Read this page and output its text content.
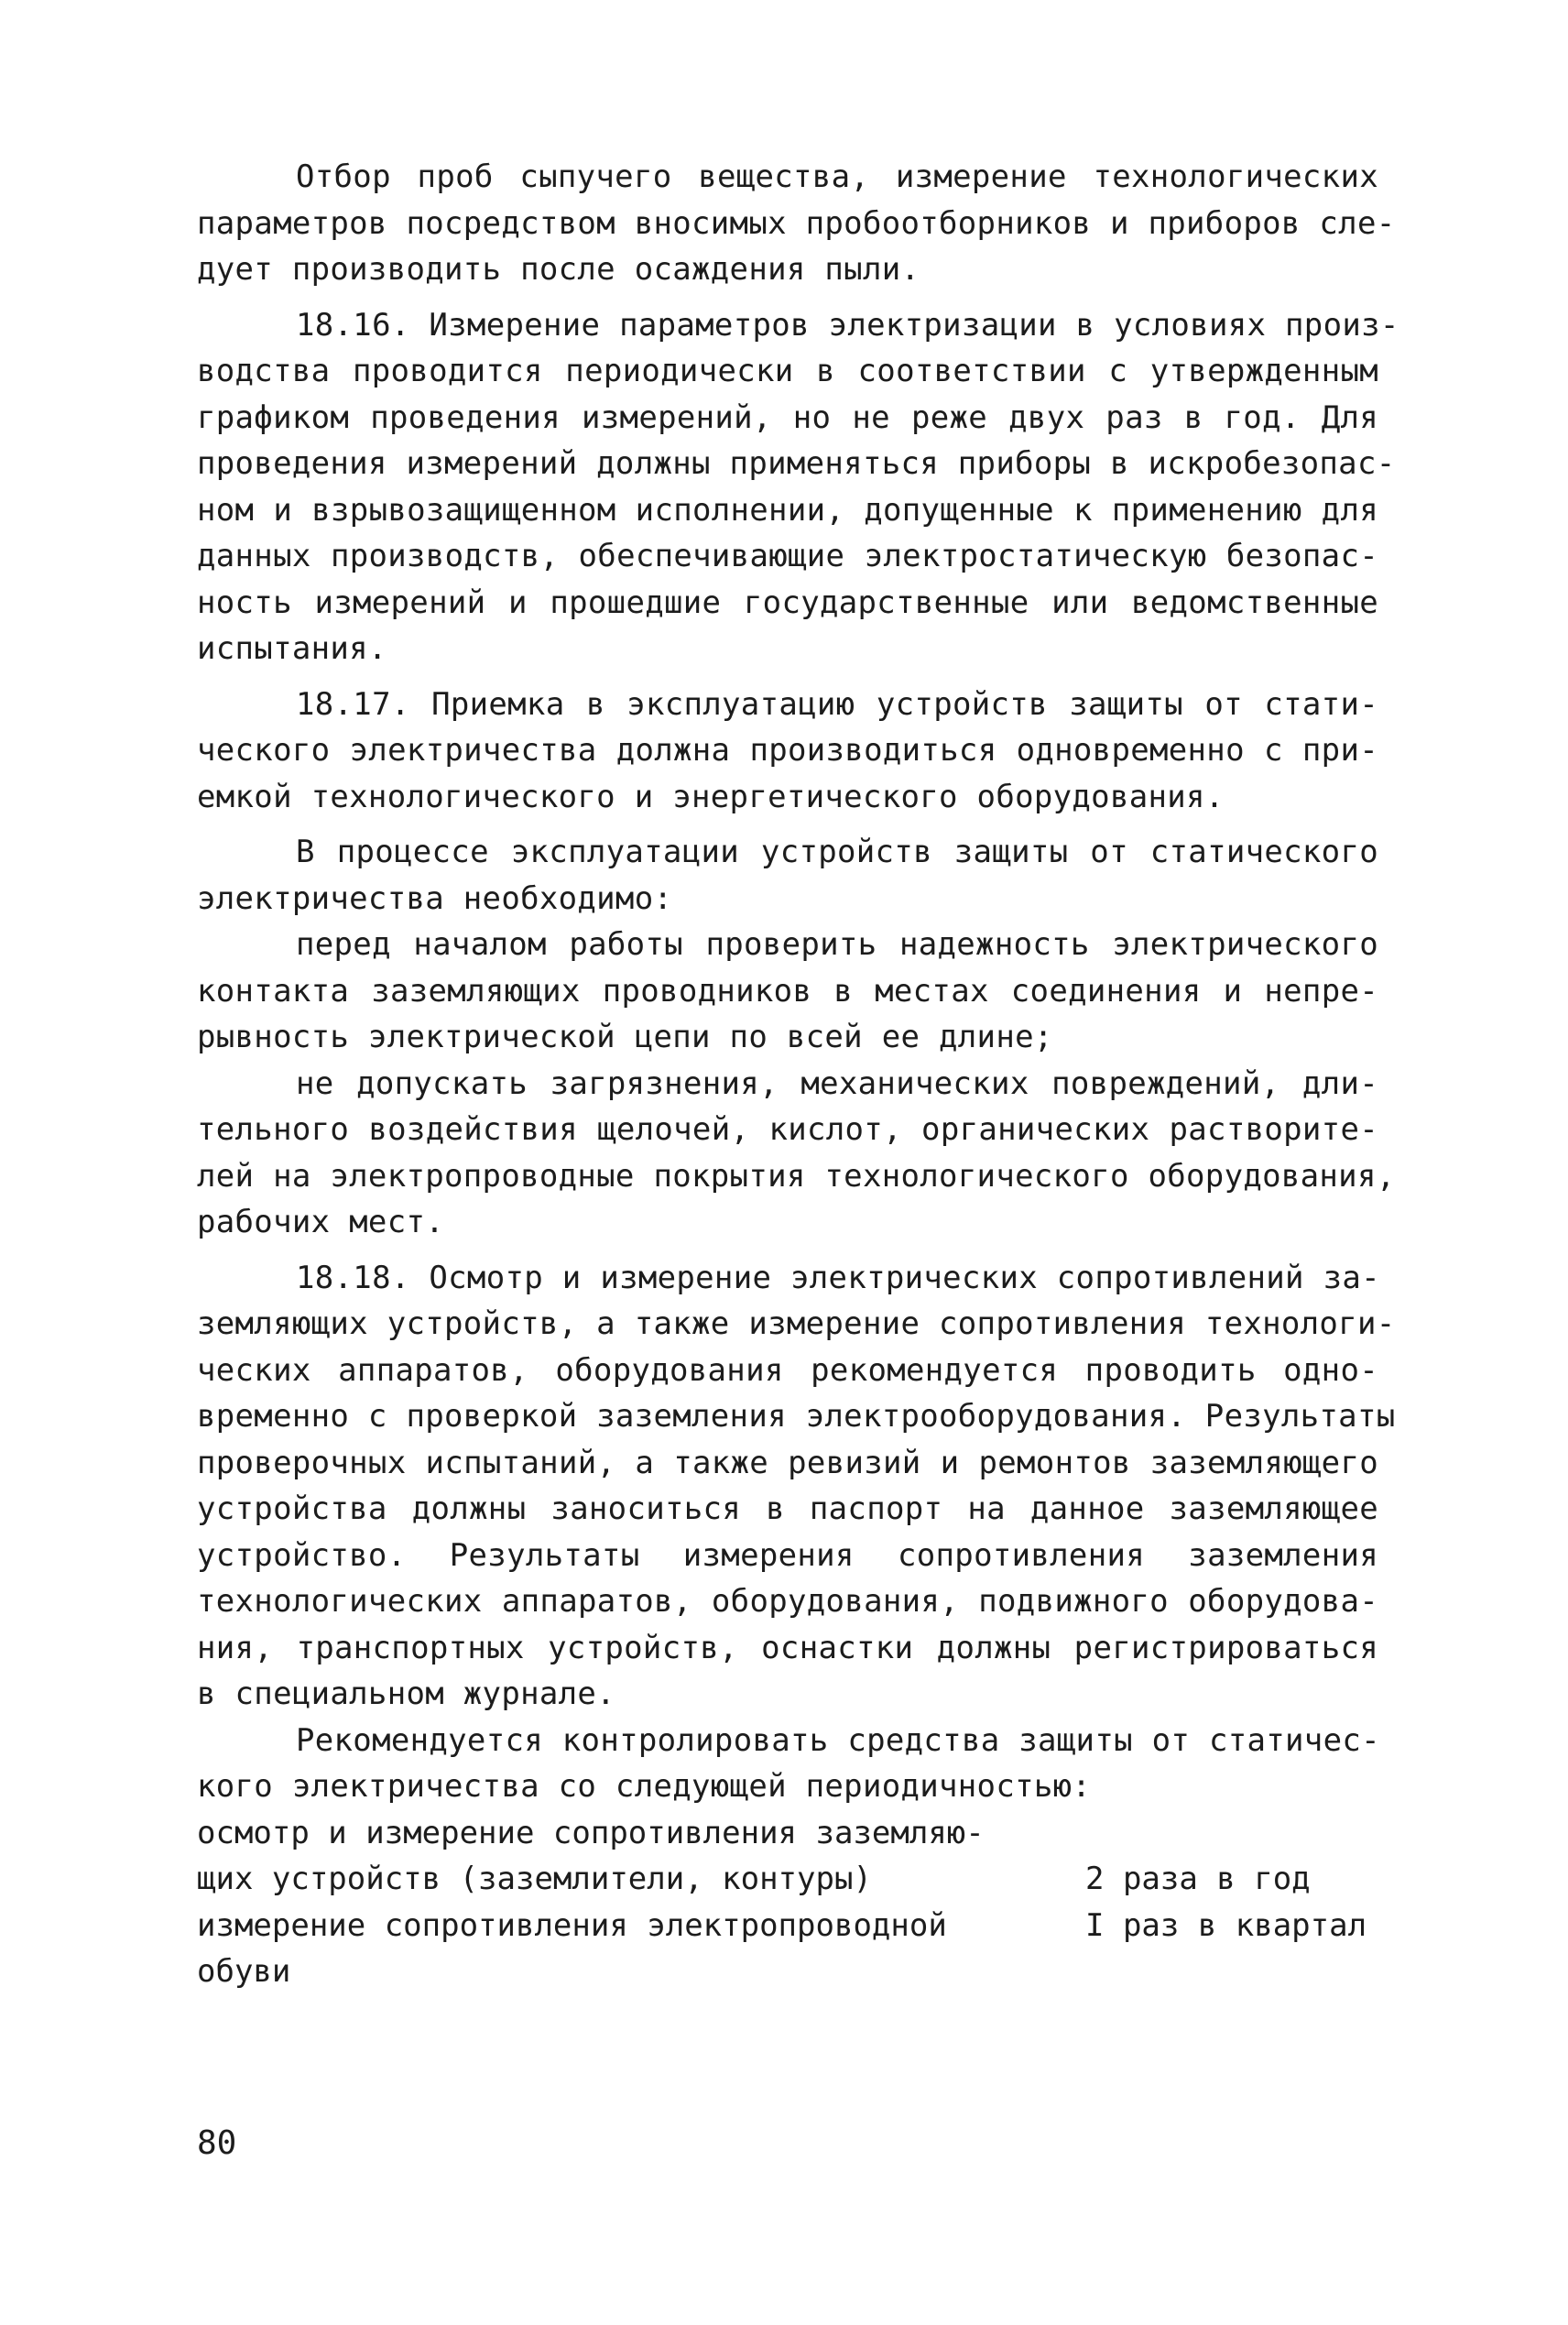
Отбор проб сыпучего вещества, измерение технологических
параметров посредством вносимых пробоотборников и приборов сле-
дует производить после осаждения пыли.
18.16. Измерение параметров электризации в условиях произ-
водства проводится периодически в соответствии с утвержденным
графиком проведения измерений, но не реже двух раз в год. Для
проведения измерений должны применяться приборы в искробезопас-
ном и взрывозащищенном исполнении, допущенные к применению для
данных производств, обеспечивающие электростатическую безопас-
ность измерений и прошедшие государственные или ведомственные
испытания.
18.17. Приемка в эксплуатацию устройств защиты от стати-
ческого электричества должна производиться одновременно с при-
емкой технологического и энергетического оборудования.
В процессе эксплуатации устройств защиты от статического
электричества необходимо:
перед началом работы проверить надежность электрического
контакта заземляющих проводников в местах соединения и непре-
рывность электрической цепи по всей ее длине;
не допускать загрязнения, механических повреждений, дли-
тельного воздействия щелочей, кислот, органических растворите-
лей на электропроводные покрытия технологического оборудования,
рабочих мест.
18.18. Осмотр и измерение электрических сопротивлений за-
земляющих устройств, а также измерение сопротивления технологи-
ческих аппаратов, оборудования рекомендуется проводить одно-
временно с проверкой заземления электрооборудования. Результаты
проверочных испытаний, а также ревизий и ремонтов заземляющего
устройства должны заноситься в паспорт на данное заземляющее
устройство. Результаты измерения сопротивления заземления
технологических аппаратов, оборудования, подвижного оборудова-
ния, транспортных устройств, оснастки должны регистрироваться
в специальном журнале.
Рекомендуется контролировать средства защиты от статичес-
кого электричества со следующей периодичностью:
осмотр и измерение сопротивления заземляю-
щих устройств (заземлители, контуры)	2 раза в год
измерение сопротивления электропроводной	I раз в квартал
обуви
80
